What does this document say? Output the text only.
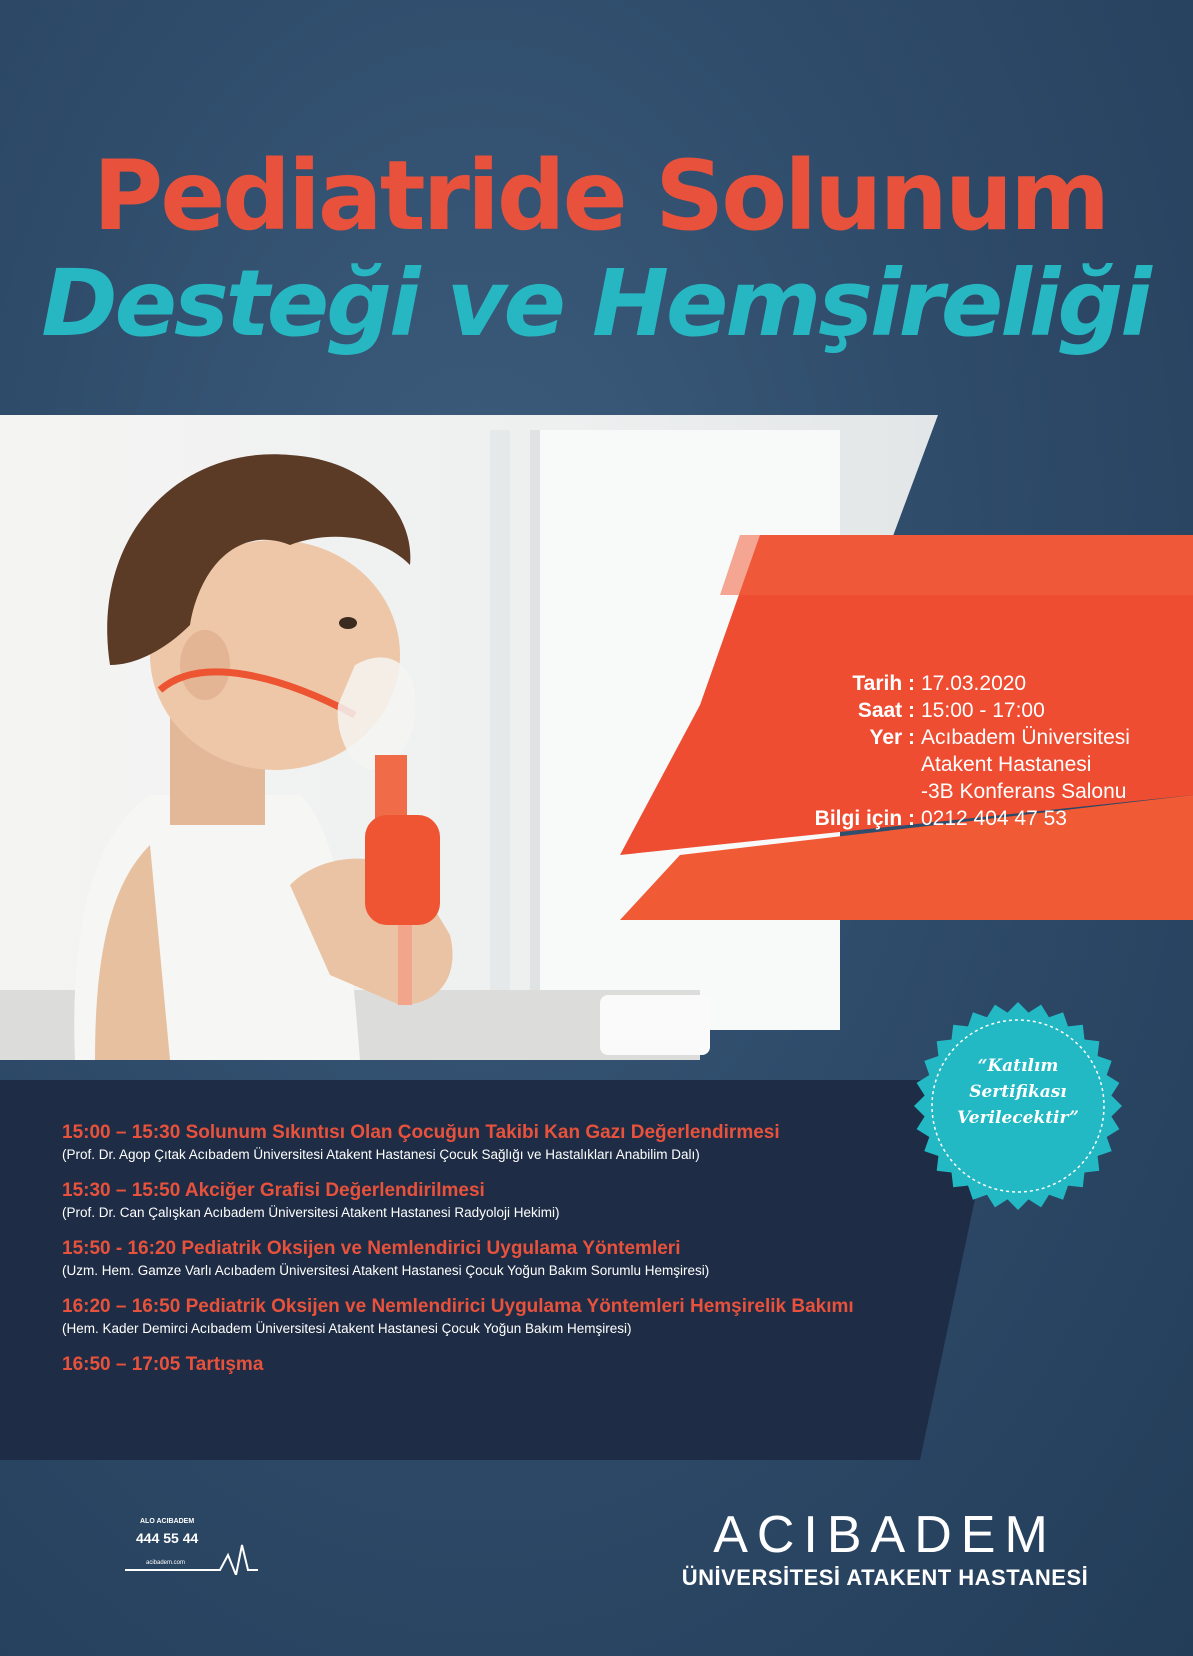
Pediatride Solunum
Desteği ve Hemşireliği
Tarih : 17.03.2020
Saat : 15:00 - 17:00
Yer : Acıbadem Üniversitesi
Atakent Hastanesi
-3B Konferans Salonu
Bilgi için : 0212 404 47 53
“Katılım
Sertifikası
Verilecektir”
15:00 – 15:30 Solunum Sıkıntısı Olan Çocuğun Takibi Kan Gazı Değerlendirmesi
(Prof. Dr. Agop Çıtak Acıbadem Üniversitesi Atakent Hastanesi Çocuk Sağlığı ve Hastalıkları Anabilim Dalı)
15:30 – 15:50 Akciğer Grafisi Değerlendirilmesi
(Prof. Dr. Can Çalışkan Acıbadem Üniversitesi Atakent Hastanesi Radyoloji Hekimi)
15:50 - 16:20 Pediatrik Oksijen ve Nemlendirici Uygulama Yöntemleri
(Uzm. Hem. Gamze Varlı Acıbadem Üniversitesi Atakent Hastanesi Çocuk Yoğun Bakım Sorumlu Hemşiresi)
16:20 – 16:50 Pediatrik Oksijen ve Nemlendirici Uygulama Yöntemleri Hemşirelik Bakımı
(Hem. Kader Demirci Acıbadem Üniversitesi Atakent Hastanesi Çocuk Yoğun Bakım Hemşiresi)
16:50 – 17:05 Tartışma
ALO ACIBADEM
444 55 44
acibadem.com	ACIBADEM
ÜNİVERSİTESİ ATAKENT HASTANESİ
